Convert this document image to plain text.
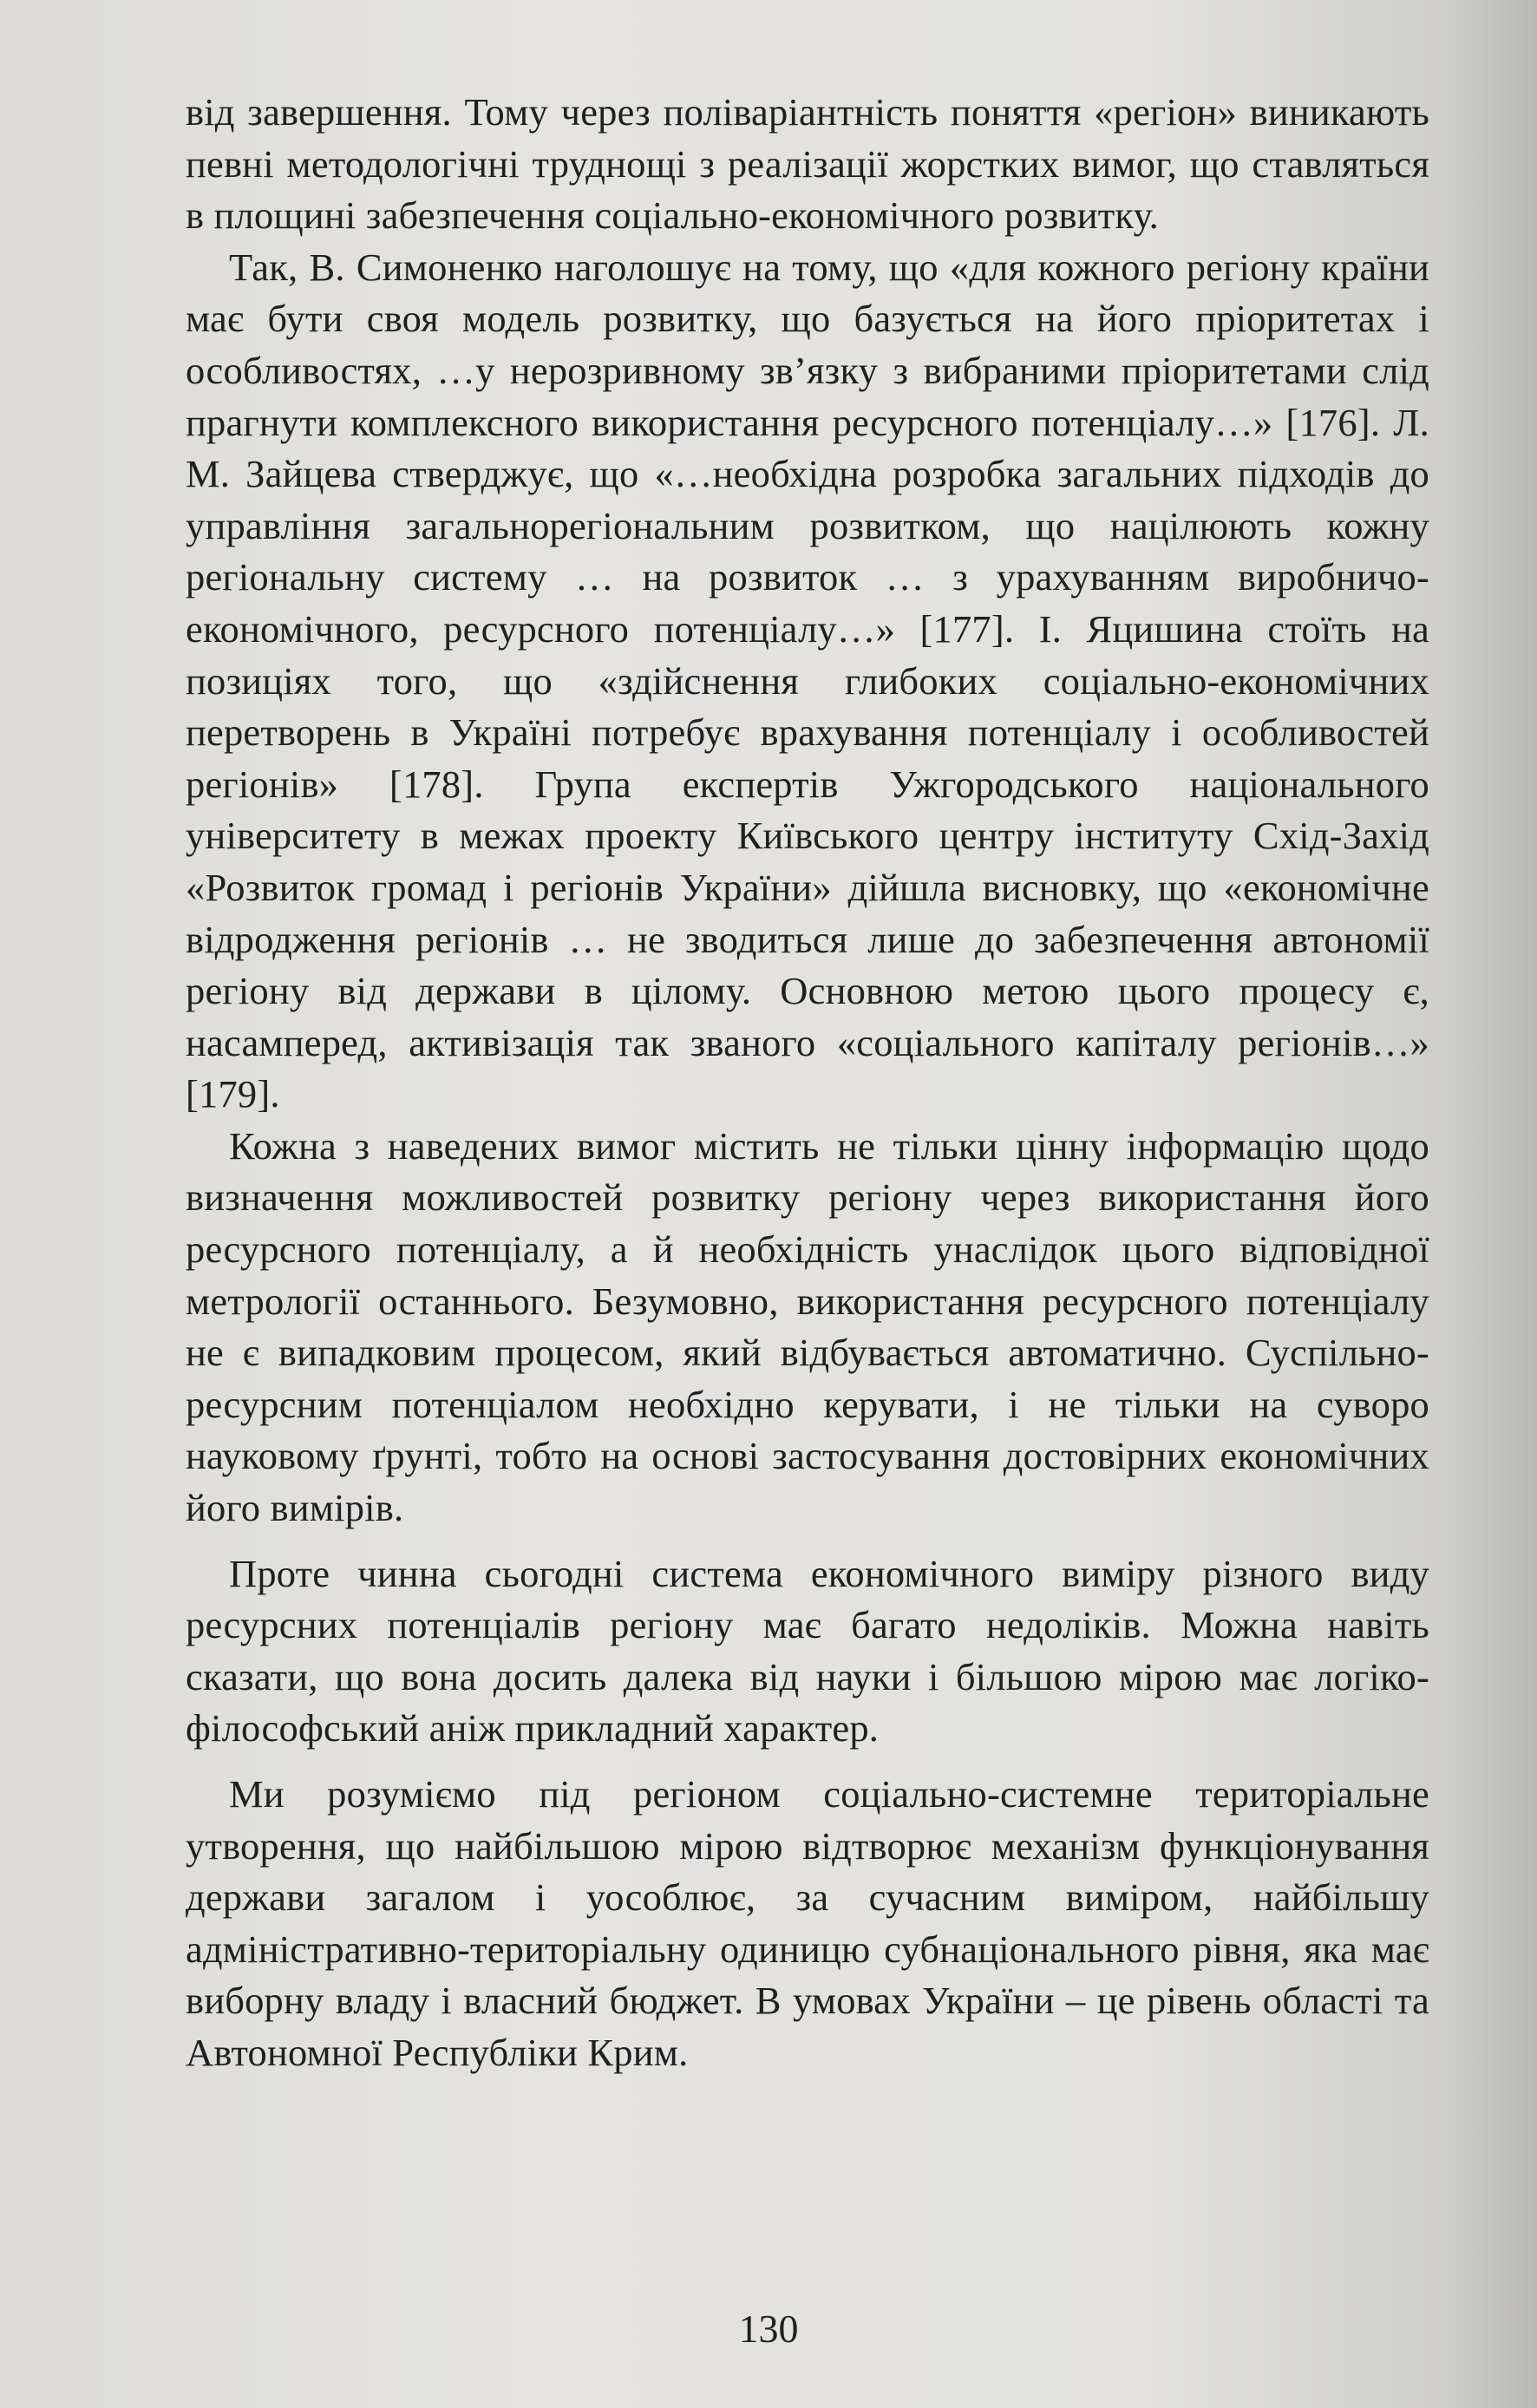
від завершення. Тому через поліваріантність поняття «регіон» виникають певні методологічні труднощі з реалізації жорстких вимог, що ставляться в площині забезпечення соціально-економічного розвитку.

Так, В. Симоненко наголошує на тому, що «для кожного регіону країни має бути своя модель розвитку, що базується на його пріоритетах і особливостях, …у нерозривному зв’язку з вибраними пріоритетами слід прагнути комплексного використання ресурсного потенціалу…» [176]. Л. М. Зайцева стверджує, що «…необхідна розробка загальних підходів до управління загальнорегіональним розвитком, що націлюють кожну регіональну систему … на розвиток … з урахуванням виробничо-економічного, ресурсного потенціалу…» [177]. І. Яцишина стоїть на позиціях того, що «здійснення глибоких соціально-економічних перетворень в Україні потребує врахування потенціалу і особливостей регіонів» [178]. Група експертів Ужгородського національного університету в межах проекту Київського центру інституту Схід-Захід «Розвиток громад і регіонів України» дійшла висновку, що «економічне відродження регіонів … не зводиться лише до забезпечення автономії регіону від держави в цілому. Основною метою цього процесу є, насамперед, активізація так званого «соціального капіталу регіонів…» [179].

Кожна з наведених вимог містить не тільки цінну інформацію щодо визначення можливостей розвитку регіону через використання його ресурсного потенціалу, а й необхідність унаслідок цього відповідної метрології останнього. Безумовно, використання ресурсного потенціалу не є випадковим процесом, який відбувається автоматично. Суспільно-ресурсним потенціалом необхідно керувати, і не тільки на суворо науковому ґрунті, тобто на основі застосування достовірних економічних його вимірів.

Проте чинна сьогодні система економічного виміру різного виду ресурсних потенціалів регіону має багато недоліків. Можна навіть сказати, що вона досить далека від науки і більшою мірою має логіко-філософський аніж прикладний характер.

Ми розуміємо під регіоном соціально-системне територіальне утворення, що найбільшою мірою відтворює механізм функціонування держави загалом і уособлює, за сучасним виміром, найбільшу адміністративно-територіальну одиницю субнаціонального рівня, яка має виборну владу і власний бюджет. В умовах України – це рівень області та Автономної Республіки Крим.

130
